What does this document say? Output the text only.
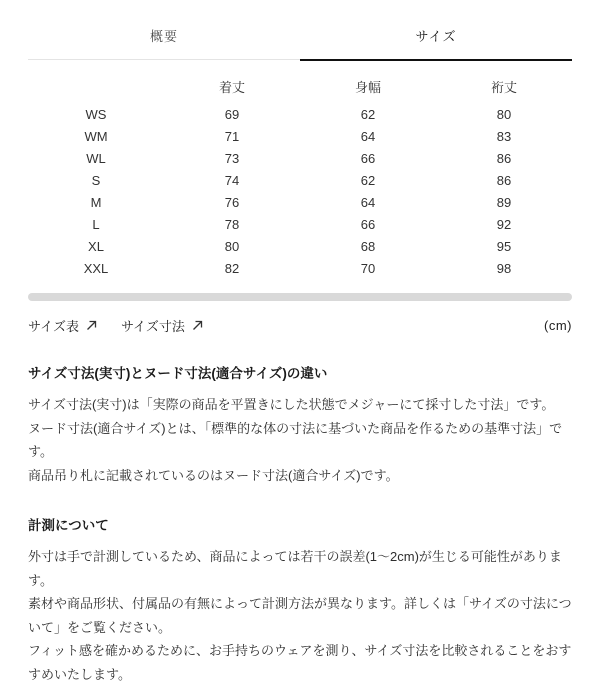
概要	サイズ
	着丈	身幅	裄丈
WS	69	62	80
WM	71	64	83
WL	73	66	86
S	74	62	86
M	76	64	89
L	78	66	92
XL	80	68	95
XXL	82	70	98
サイズ表	サイズ寸法	(cm)
サイズ寸法(実寸)とヌード寸法(適合サイズ)の違い

サイズ寸法(実寸)は「実際の商品を平置きにした状態でメジャーにて採寸した寸法」です。

ヌード寸法(適合サイズ)とは、「標準的な体の寸法に基づいた商品を作るための基準寸法」です。

商品吊り札に記載されているのはヌード寸法(適合サイズ)です。

計測について

外寸は手で計測しているため、商品によっては若干の誤差(1〜2cm)が生じる可能性があります。

素材や商品形状、付属品の有無によって計測方法が異なります。詳しくは「サイズの寸法について」をご覧ください。

フィット感を確かめるために、お手持ちのウェアを測り、サイズ寸法を比較されることをおすすめいたします。
